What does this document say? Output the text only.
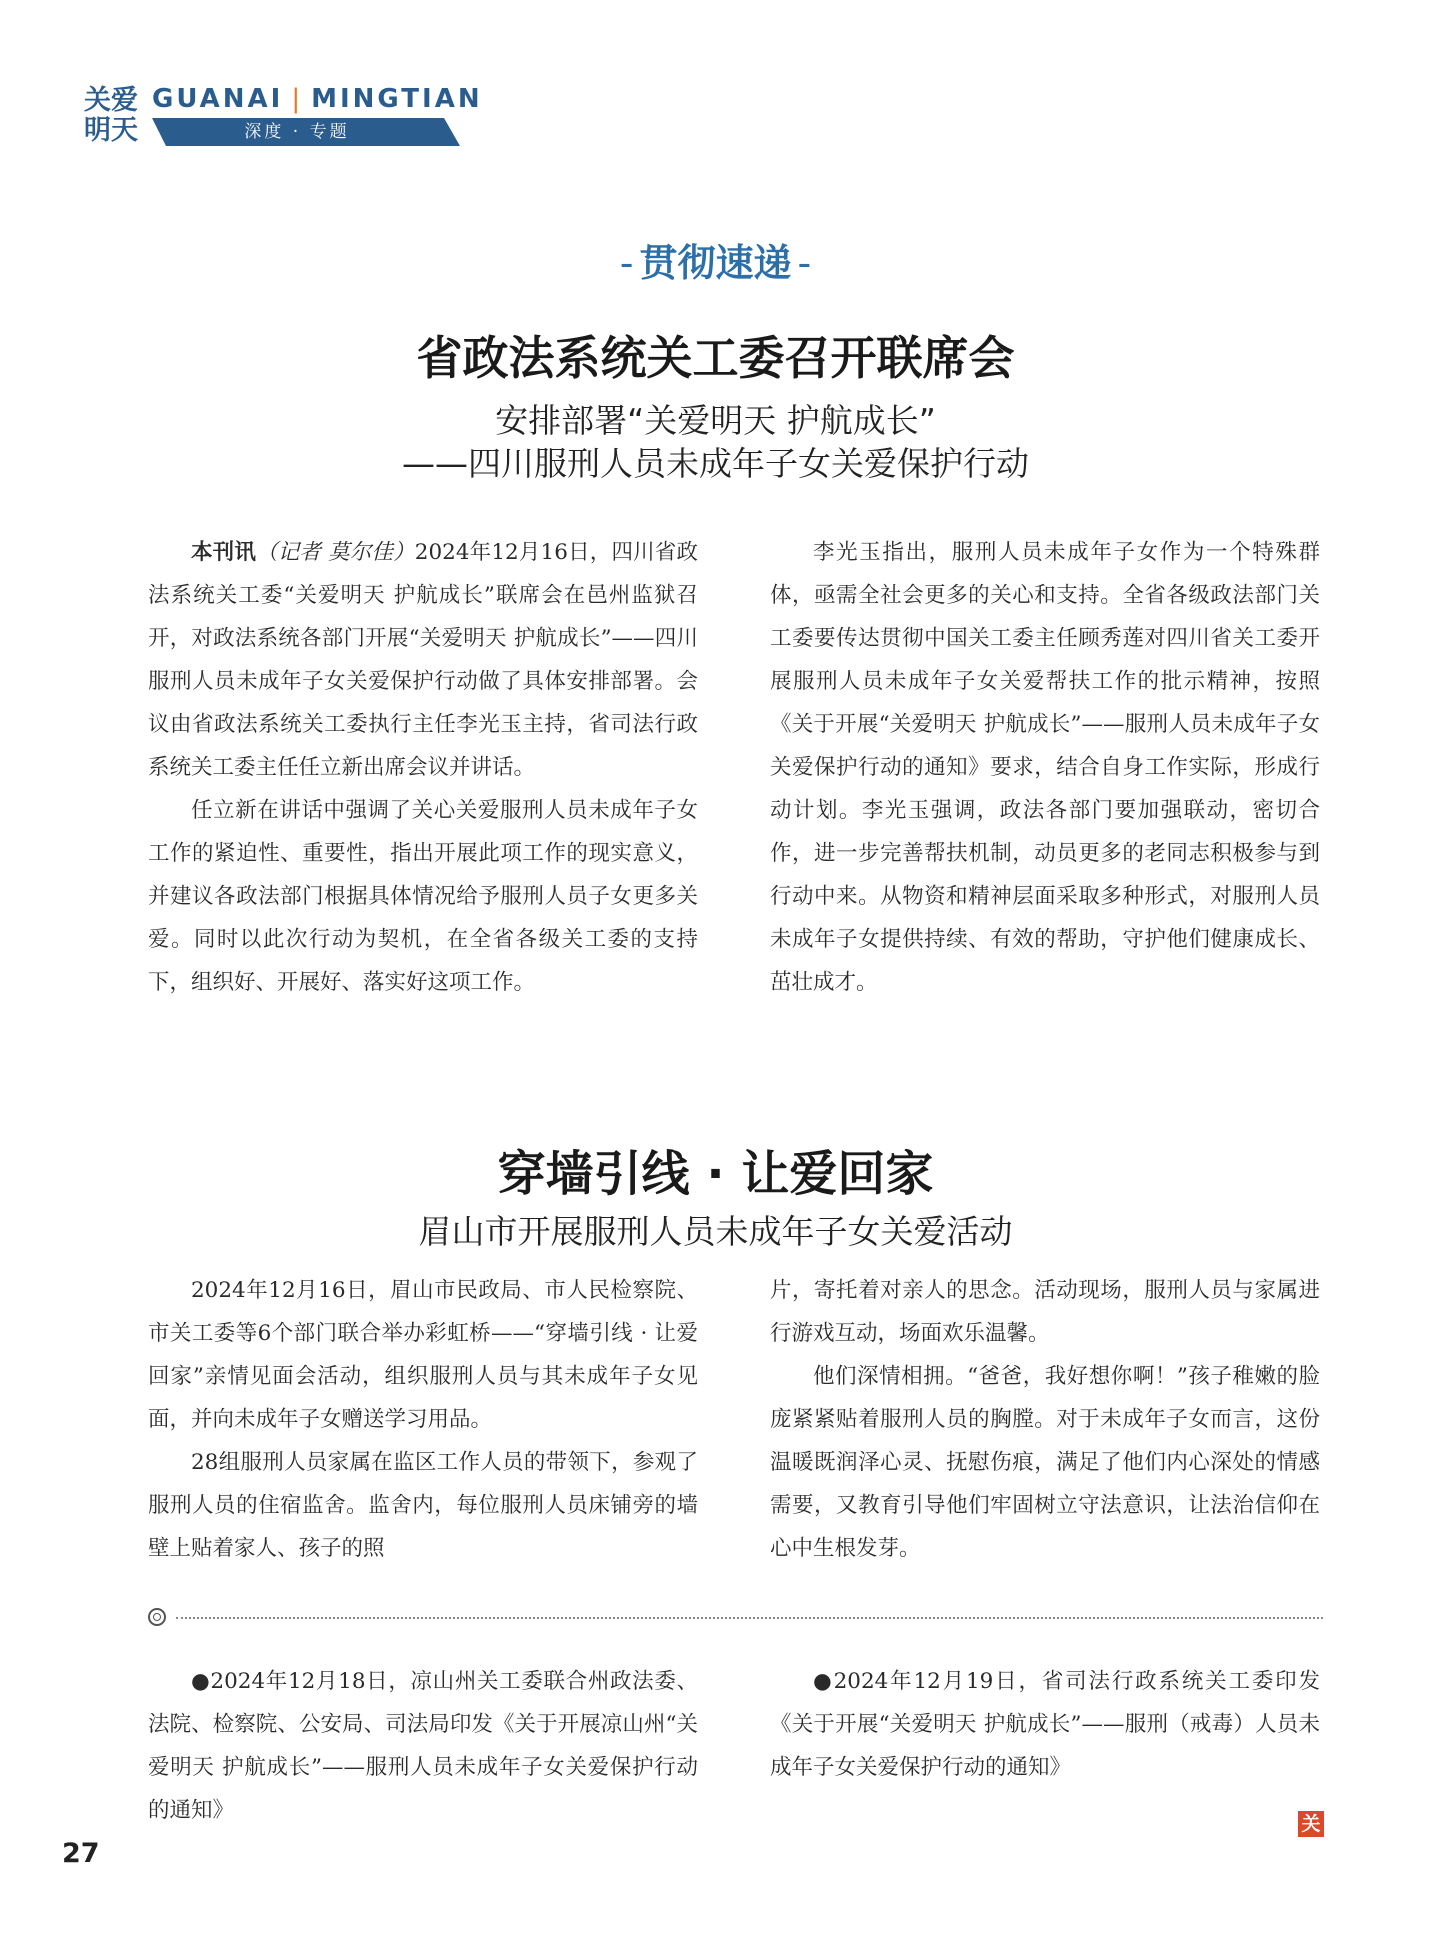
关爱明天
GUANAI | MINGTIAN
深度 · 专题
- 贯彻速递 -
省政法系统关工委召开联席会
安排部署“关爱明天 护航成长”
——四川服刑人员未成年子女关爱保护行动

本刊讯（记者 莫尔佳）2024年12月16日，四川省政法系统关工委“关爱明天 护航成长”联席会在邑州监狱召开，对政法系统各部门开展“关爱明天 护航成长”——四川服刑人员未成年子女关爱保护行动做了具体安排部署。会议由省政法系统关工委执行主任李光玉主持，省司法行政系统关工委主任任立新出席会议并讲话。

任立新在讲话中强调了关心关爱服刑人员未成年子女工作的紧迫性、重要性，指出开展此项工作的现实意义，并建议各政法部门根据具体情况给予服刑人员子女更多关爱。同时以此次行动为契机，在全省各级关工委的支持下，组织好、开展好、落实好这项工作。

李光玉指出，服刑人员未成年子女作为一个特殊群体，亟需全社会更多的关心和支持。全省各级政法部门关工委要传达贯彻中国关工委主任顾秀莲对四川省关工委开展服刑人员未成年子女关爱帮扶工作的批示精神，按照《关于开展“关爱明天 护航成长”——服刑人员未成年子女关爱保护行动的通知》要求，结合自身工作实际，形成行动计划。李光玉强调，政法各部门要加强联动，密切合作，进一步完善帮扶机制，动员更多的老同志积极参与到行动中来。从物资和精神层面采取多种形式，对服刑人员未成年子女提供持续、有效的帮助，守护他们健康成长、茁壮成才。

穿墙引线 · 让爱回家
眉山市开展服刑人员未成年子女关爱活动

2024年12月16日，眉山市民政局、市人民检察院、市关工委等6个部门联合举办彩虹桥——“穿墙引线 · 让爱回家”亲情见面会活动，组织服刑人员与其未成年子女见面，并向未成年子女赠送学习用品。

28组服刑人员家属在监区工作人员的带领下，参观了服刑人员的住宿监舍。监舍内，每位服刑人员床铺旁的墙壁上贴着家人、孩子的照

片，寄托着对亲人的思念。活动现场，服刑人员与家属进行游戏互动，场面欢乐温馨。

他们深情相拥。“爸爸，我好想你啊！”孩子稚嫩的脸庞紧紧贴着服刑人员的胸膛。对于未成年子女而言，这份温暖既润泽心灵、抚慰伤痕，满足了他们内心深处的情感需要，又教育引导他们牢固树立守法意识，让法治信仰在心中生根发芽。

●2024年12月18日，凉山州关工委联合州政法委、法院、检察院、公安局、司法局印发《关于开展凉山州“关爱明天 护航成长”——服刑人员未成年子女关爱保护行动的通知》

●2024年12月19日，省司法行政系统关工委印发《关于开展“关爱明天 护航成长”——服刑（戒毒）人员未成年子女关爱保护行动的通知》

27
关
